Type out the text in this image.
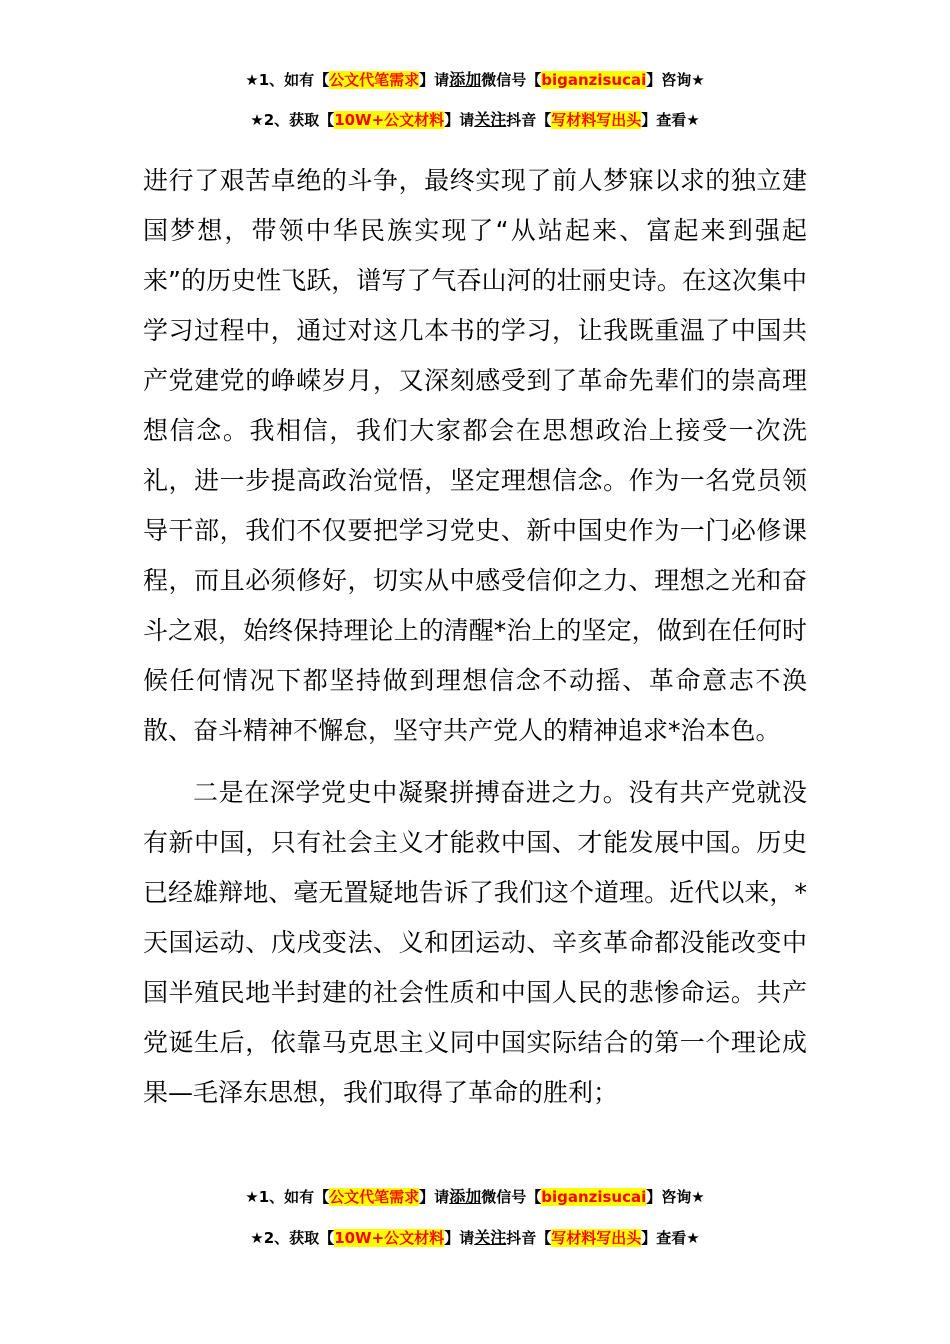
★1、如有【公文代笔需求】请添加微信号【biganzisucai】咨询★
★2、获取【10W+公文材料】请关注抖音【写材料写出头】查看★

进行了艰苦卓绝的斗争，最终实现了前人梦寐以求的独立建国梦想，带领中华民族实现了“从站起来、富起来到强起来”的历史性飞跃，谱写了气吞山河的壮丽史诗。在这次集中学习过程中，通过对这几本书的学习，让我既重温了中国共产党建党的峥嵘岁月，又深刻感受到了革命先辈们的崇高理想信念。我相信，我们大家都会在思想政治上接受一次洗礼，进一步提高政治觉悟，坚定理想信念。作为一名党员领导干部，我们不仅要把学习党史、新中国史作为一门必修课程，而且必须修好，切实从中感受信仰之力、理想之光和奋斗之艰，始终保持理论上的清醒*治上的坚定，做到在任何时候任何情况下都坚持做到理想信念不动摇、革命意志不涣散、奋斗精神不懈怠，坚守共产党人的精神追求*治本色。

二是在深学党史中凝聚拼搏奋进之力。没有共产党就没有新中国，只有社会主义才能救中国、才能发展中国。历史已经雄辩地、毫无置疑地告诉了我们这个道理。近代以来，*天国运动、戊戌变法、义和团运动、辛亥革命都没能改变中国半殖民地半封建的社会性质和中国人民的悲惨命运。共产党诞生后，依靠马克思主义同中国实际结合的第一个理论成果—毛泽东思想，我们取得了革命的胜利；

★1、如有【公文代笔需求】请添加微信号【biganzisucai】咨询★
★2、获取【10W+公文材料】请关注抖音【写材料写出头】查看★
